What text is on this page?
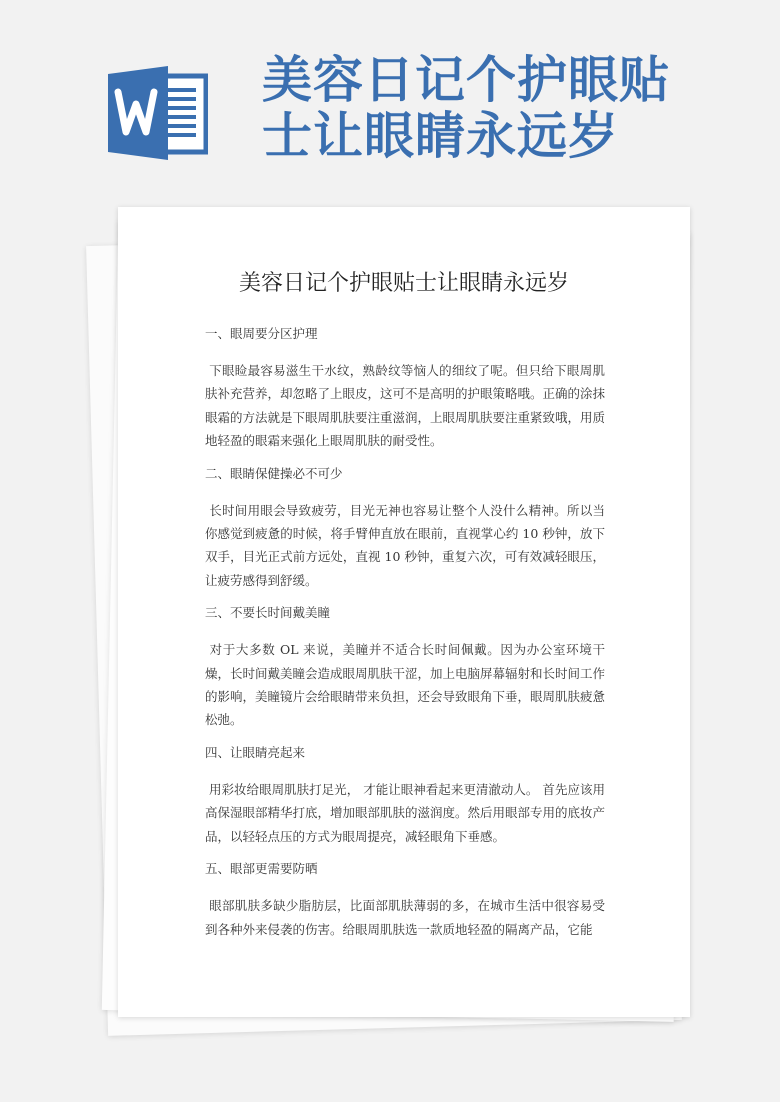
美容日记个护眼贴
士让眼睛永远岁
美容日记个护眼贴士让眼睛永远岁

一、眼周要分区护理

下眼睑最容易滋生干水纹，熟龄纹等恼人的细纹了呢。但只给下眼周肌肤补充营养，却忽略了上眼皮，这可不是高明的护眼策略哦。正确的涂抹眼霜的方法就是下眼周肌肤要注重滋润，上眼周肌肤要注重紧致哦，用质地轻盈的眼霜来强化上眼周肌肤的耐受性。

二、眼睛保健操必不可少

长时间用眼会导致疲劳，目光无神也容易让整个人没什么精神。所以当你感觉到疲惫的时候，将手臂伸直放在眼前，直视掌心约 10 秒钟，放下双手，目光正式前方远处，直视 10 秒钟，重复六次，可有效减轻眼压，让疲劳感得到舒缓。

三、不要长时间戴美瞳

对于大多数 OL 来说，美瞳并不适合长时间佩戴。因为办公室环境干燥，长时间戴美瞳会造成眼周肌肤干涩，加上电脑屏幕辐射和长时间工作的影响，美瞳镜片会给眼睛带来负担，还会导致眼角下垂，眼周肌肤疲惫松弛。

四、让眼睛亮起来

用彩妆给眼周肌肤打足光， 才能让眼神看起来更清澈动人。 首先应该用高保湿眼部精华打底，增加眼部肌肤的滋润度。然后用眼部专用的底妆产品，以轻轻点压的方式为眼周提亮，减轻眼角下垂感。

五、眼部更需要防晒

眼部肌肤多缺少脂肪层，比面部肌肤薄弱的多，在城市生活中很容易受到各种外来侵袭的伤害。给眼周肌肤选一款质地轻盈的隔离产品，它能
